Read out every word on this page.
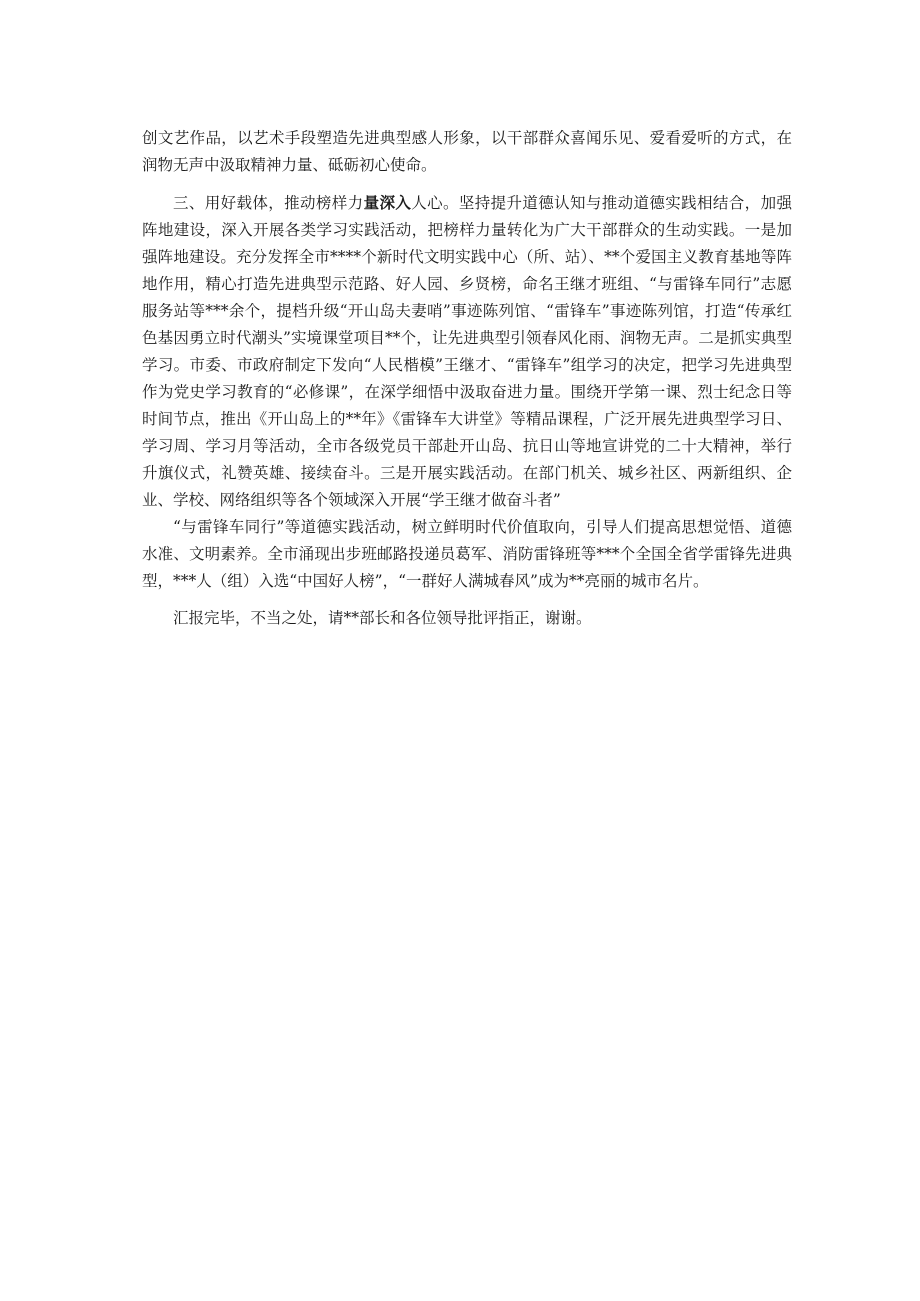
创文艺作品，以艺术手段塑造先进典型感人形象，以干部群众喜闻乐见、爱看爱听的方式，在润物无声中汲取精神力量、砥砺初心使命。

三、用好载体，推动榜样力量深入人心。坚持提升道德认知与推动道德实践相结合，加强阵地建设，深入开展各类学习实践活动，把榜样力量转化为广大干部群众的生动实践。一是加强阵地建设。充分发挥全市****个新时代文明实践中心（所、站）、**个爱国主义教育基地等阵地作用，精心打造先进典型示范路、好人园、乡贤榜，命名王继才班组、“与雷锋车同行”志愿服务站等***余个，提档升级“开山岛夫妻哨”事迹陈列馆、“雷锋车”事迹陈列馆，打造“传承红色基因勇立时代潮头”实境课堂项目**个，让先进典型引领春风化雨、润物无声。二是抓实典型学习。市委、市政府制定下发向“人民楷模”王继才、“雷锋车”组学习的决定，把学习先进典型作为党史学习教育的“必修课”，在深学细悟中汲取奋进力量。围绕开学第一课、烈士纪念日等时间节点，推出《开山岛上的**年》《雷锋车大讲堂》等精品课程，广泛开展先进典型学习日、学习周、学习月等活动，全市各级党员干部赴开山岛、抗日山等地宣讲党的二十大精神，举行升旗仪式，礼赞英雄、接续奋斗。三是开展实践活动。在部门机关、城乡社区、两新组织、企业、学校、网络组织等各个领域深入开展“学王继才做奋斗者”
“与雷锋车同行”等道德实践活动，树立鲜明时代价值取向，引导人们提高思想觉悟、道德水准、文明素养。全市涌现出步班邮路投递员葛军、消防雷锋班等***个全国全省学雷锋先进典型，***人（组）入选“中国好人榜”，“一群好人满城春风”成为**亮丽的城市名片。

汇报完毕，不当之处，请**部长和各位领导批评指正，谢谢。
